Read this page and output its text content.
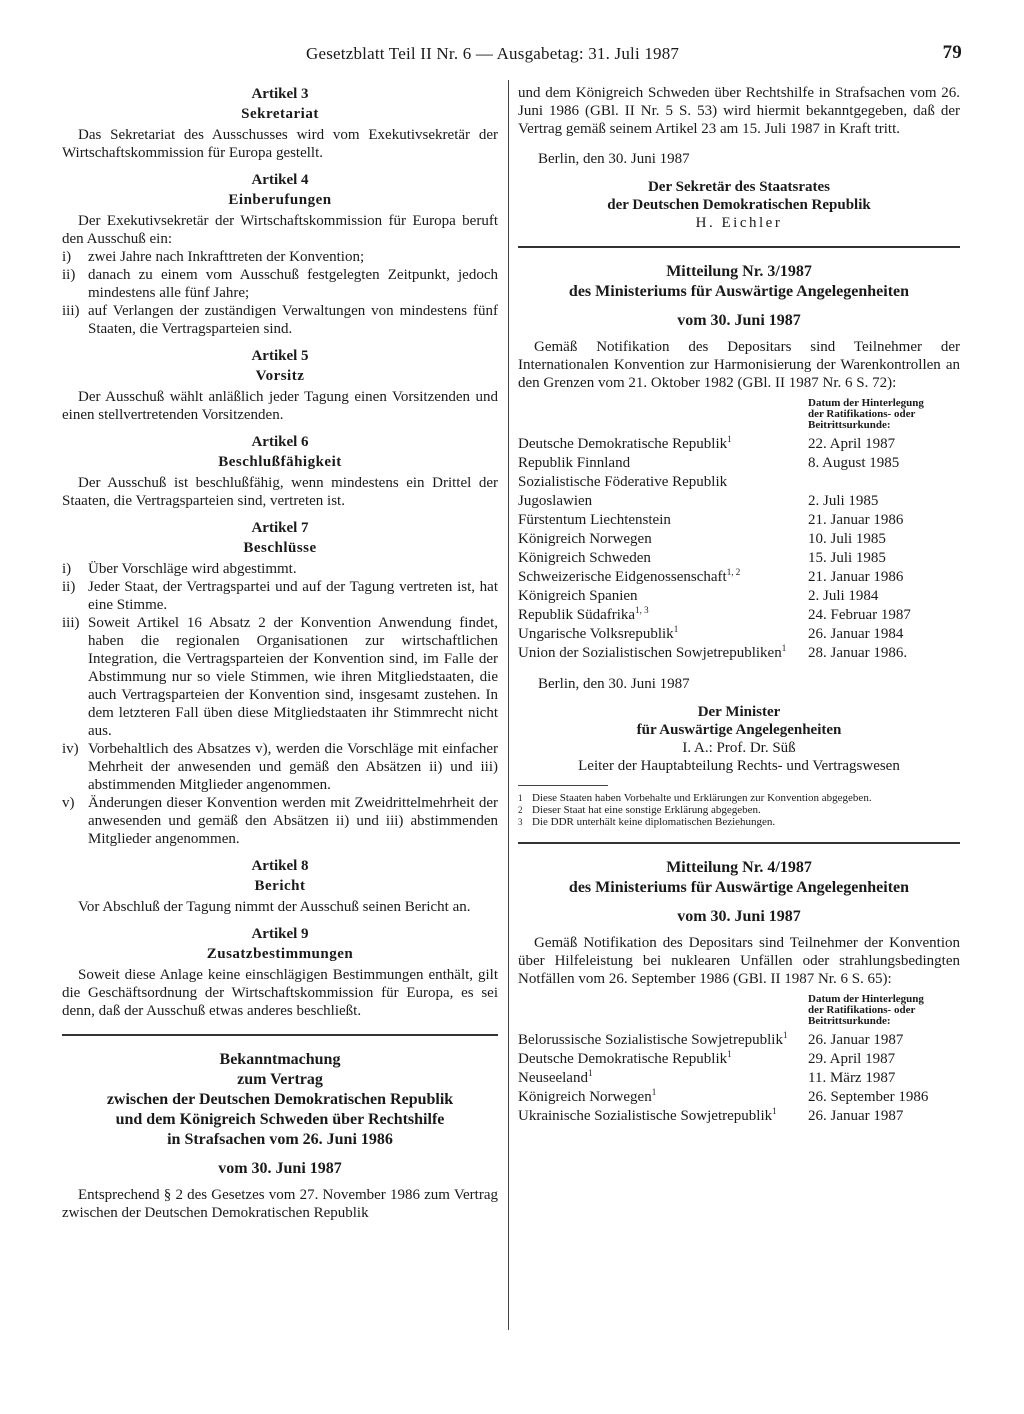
Gesetzblatt Teil II Nr. 6 — Ausgabetag: 31. Juli 1987	79
Artikel 3
Sekretariat

Das Sekretariat des Ausschusses wird vom Exekutivsekretär der Wirtschaftskommission für Europa gestellt.

Artikel 4
Einberufungen

Der Exekutivsekretär der Wirtschaftskommission für Europa beruft den Ausschuß ein:

i)	zwei Jahre nach Inkrafttreten der Konvention;
ii) danach zu einem vom Ausschuß festgelegten Zeitpunkt, jedoch mindestens alle fünf Jahre;
iii) auf Verlangen der zuständigen Verwaltungen von mindestens fünf Staaten, die Vertragsparteien sind.
Artikel 5
Vorsitz

Der Ausschuß wählt anläßlich jeder Tagung einen Vorsitzenden und einen stellvertretenden Vorsitzenden.

Artikel 6
Beschlußfähigkeit

Der Ausschuß ist beschlußfähig, wenn mindestens ein Drittel der Staaten, die Vertragsparteien sind, vertreten ist.

Artikel 7
Beschlüsse
i)	Über Vorschläge wird abgestimmt.
ii) Jeder Staat, der Vertragspartei und auf der Tagung vertreten ist, hat eine Stimme.
iii) Soweit Artikel 16 Absatz 2 der Konvention Anwendung findet, haben die regionalen Organisationen zur wirtschaftlichen Integration, die Vertragsparteien der Konvention sind, im Falle der Abstimmung nur so viele Stimmen, wie ihren Mitgliedstaaten, die auch Vertragsparteien der Konvention sind, insgesamt zustehen. In dem letzteren Fall üben diese Mitgliedstaaten ihr Stimmrecht nicht aus.
iv) Vorbehaltlich des Absatzes v), werden die Vorschläge mit einfacher Mehrheit der anwesenden und gemäß den Absätzen ii) und iii) abstimmenden Mitglieder angenommen.
v) Änderungen dieser Konvention werden mit Zweidrittelmehrheit der anwesenden und gemäß den Absätzen ii) und iii) abstimmenden Mitglieder angenommen.
Artikel 8
Bericht

Vor Abschluß der Tagung nimmt der Ausschuß seinen Bericht an.

Artikel 9
Zusatzbestimmungen

Soweit diese Anlage keine einschlägigen Bestimmungen enthält, gilt die Geschäftsordnung der Wirtschaftskommission für Europa, es sei denn, daß der Ausschuß etwas anderes beschließt.

Bekanntmachung
zum Vertrag
zwischen der Deutschen Demokratischen Republik
und dem Königreich Schweden über Rechtshilfe
in Strafsachen vom 26. Juni 1986
vom 30. Juni 1987

Entsprechend § 2 des Gesetzes vom 27. November 1986 zum Vertrag zwischen der Deutschen Demokratischen Republik

und dem Königreich Schweden über Rechtshilfe in Strafsachen vom 26. Juni 1986 (GBl. II Nr. 5 S. 53) wird hiermit bekanntgegeben, daß der Vertrag gemäß seinem Artikel 23 am 15. Juli 1987 in Kraft tritt.

Berlin, den 30. Juni 1987
Der Sekretär des Staatsrates
der Deutschen Demokratischen Republik
H. Eichler
Mitteilung Nr. 3/1987
des Ministeriums für Auswärtige Angelegenheiten
vom 30. Juni 1987

Gemäß Notifikation des Depositars sind Teilnehmer der Internationalen Konvention zur Harmonisierung der Warenkontrollen an den Grenzen vom 21. Oktober 1982 (GBl. II 1987 Nr. 6 S. 72):

Datum der Hinterlegung
der Ratifikations- oder
Beitrittsurkunde:
Deutsche Demokratische Republik$^1$	22. April 1987
Republik Finnland	8. August 1985
Sozialistische Föderative Republik Jugoslawien	2. Juli 1985
Fürstentum Liechtenstein	21. Januar 1986
Königreich Norwegen	10. Juli 1985
Königreich Schweden	15. Juli 1985
Schweizerische Eidgenossenschaft$^{1, 2}$	21. Januar 1986
Königreich Spanien	2. Juli 1984
Republik Südafrika$^{1, 3}$	24. Februar 1987
Ungarische Volksrepublik$^1$	26. Januar 1984
Union der Sozialistischen Sowjetrepubliken$^1$	28. Januar 1986.
Berlin, den 30. Juni 1987
Der Minister
für Auswärtige Angelegenheiten
I. A.: Prof. Dr. Süß
Leiter der Hauptabteilung Rechts- und Vertragswesen
1 Diese Staaten haben Vorbehalte und Erklärungen zur Konvention abgegeben.
2 Dieser Staat hat eine sonstige Erklärung abgegeben.
3 Die DDR unterhält keine diplomatischen Beziehungen.
Mitteilung Nr. 4/1987
des Ministeriums für Auswärtige Angelegenheiten
vom 30. Juni 1987

Gemäß Notifikation des Depositars sind Teilnehmer der Konvention über Hilfeleistung bei nuklearen Unfällen oder strahlungsbedingten Notfällen vom 26. September 1986 (GBl. II 1987 Nr. 6 S. 65):

Datum der Hinterlegung
der Ratifikations- oder
Beitrittsurkunde:
Belorussische Sozialistische Sowjetrepublik$^1$	26. Januar 1987
Deutsche Demokratische Republik$^1$	29. April 1987
Neuseeland$^1$	11. März 1987
Königreich Norwegen$^1$	26. September 1986
Ukrainische Sozialistische Sowjetrepublik$^1$	26. Januar 1987
